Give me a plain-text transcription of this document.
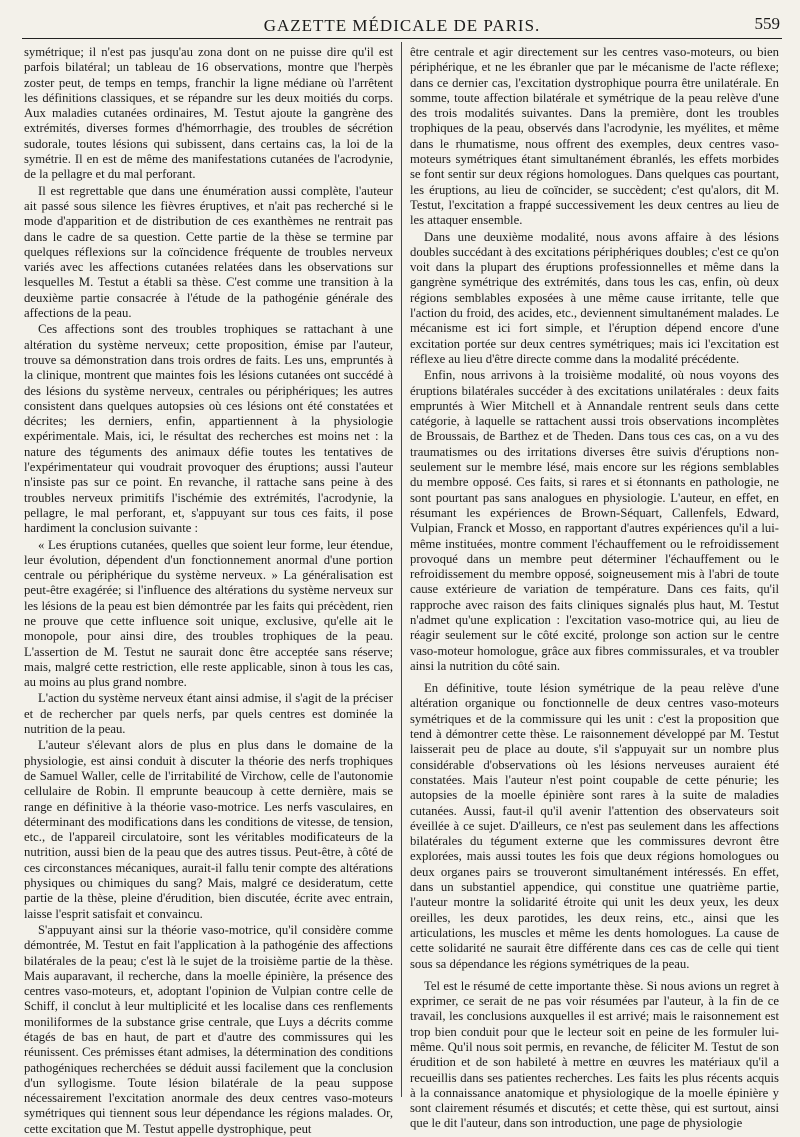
GAZETTE MÉDICALE DE PARIS.	559

symétrique; il n'est pas jusqu'au zona dont on ne puisse dire qu'il est parfois bilatéral; un tableau de 16 observations, montre que l'herpès zoster peut, de temps en temps, franchir la ligne médiane où l'arrêtent les définitions classiques, et se répandre sur les deux moitiés du corps. Aux maladies cutanées ordinaires, M. Testut ajoute la gangrène des extrémités, diverses formes d'hémorrhagie, des troubles de sécrétion sudorale, toutes lésions qui subissent, dans certains cas, la loi de la symétrie. Il en est de même des manifestations cutanées de l'acrodynie, de la pellagre et du mal perforant.

Il est regrettable que dans une énumération aussi complète, l'auteur ait passé sous silence les fièvres éruptives, et n'ait pas recherché si le mode d'apparition et de distribution de ces exanthèmes ne rentrait pas dans le cadre de sa question. Cette partie de la thèse se termine par quelques réflexions sur la coïncidence fréquente de troubles nerveux variés avec les affections cutanées relatées dans les observations sur lesquelles M. Testut a établi sa thèse. C'est comme une transition à la deuxième partie consacrée à l'étude de la pathogénie générale des affections de la peau.

Ces affections sont des troubles trophiques se rattachant à une altération du système nerveux; cette proposition, émise par l'auteur, trouve sa démonstration dans trois ordres de faits. Les uns, empruntés à la clinique, montrent que maintes fois les lésions cutanées ont succédé à des lésions du système nerveux, centrales ou périphériques; les autres consistent dans quelques autopsies où ces lésions ont été constatées et décrites; les derniers, enfin, appartiennent à la physiologie expérimentale. Mais, ici, le résultat des recherches est moins net : la nature des téguments des animaux défie toutes les tentatives de l'expérimentateur qui voudrait provoquer des éruptions; aussi l'auteur n'insiste pas sur ce point. En revanche, il rattache sans peine à des troubles nerveux primitifs l'ischémie des extrémités, l'acrodynie, la pellagre, le mal perforant, et, s'appuyant sur tous ces faits, il pose hardiment la conclusion suivante :

« Les éruptions cutanées, quelles que soient leur forme, leur étendue, leur évolution, dépendent d'un fonctionnement anormal d'une portion centrale ou périphérique du système nerveux. » La généralisation est peut-être exagérée; si l'influence des altérations du système nerveux sur les lésions de la peau est bien démontrée par les faits qui précèdent, rien ne prouve que cette influence soit unique, exclusive, qu'elle ait le monopole, pour ainsi dire, des troubles trophiques de la peau. L'assertion de M. Testut ne saurait donc être acceptée sans réserve; mais, malgré cette restriction, elle reste applicable, sinon à tous les cas, au moins au plus grand nombre.

L'action du système nerveux étant ainsi admise, il s'agit de la préciser et de rechercher par quels nerfs, par quels centres est dominée la nutrition de la peau.

L'auteur s'élevant alors de plus en plus dans le domaine de la physiologie, est ainsi conduit à discuter la théorie des nerfs trophiques de Samuel Waller, celle de l'irritabilité de Virchow, celle de l'autonomie cellulaire de Robin. Il emprunte beaucoup à cette dernière, mais se range en définitive à la théorie vaso-motrice. Les nerfs vasculaires, en déterminant des modifications dans les conditions de vitesse, de tension, etc., de l'appareil circulatoire, sont les véritables modificateurs de la nutrition, aussi bien de la peau que des autres tissus. Peut-être, à côté de ces circonstances mécaniques, aurait-il fallu tenir compte des altérations physiques ou chimiques du sang? Mais, malgré ce desideratum, cette partie de la thèse, pleine d'érudition, bien discutée, écrite avec entrain, laisse l'esprit satisfait et convaincu.

S'appuyant ainsi sur la théorie vaso-motrice, qu'il considère comme démontrée, M. Testut en fait l'application à la pathogénie des affections bilatérales de la peau; c'est là le sujet de la troisième partie de la thèse. Mais auparavant, il recherche, dans la moelle épinière, la présence des centres vaso-moteurs, et, adoptant l'opinion de Vulpian contre celle de Schiff, il conclut à leur multiplicité et les localise dans ces renflements moniliformes de la substance grise centrale, que Luys a décrits comme étagés de bas en haut, de part et d'autre des commissures qui les réunissent. Ces prémisses étant admises, la détermination des conditions pathogéniques recherchées se déduit aussi facilement que la conclusion d'un syllogisme. Toute lésion bilatérale de la peau suppose nécessairement l'excitation anormale des deux centres vaso-moteurs symétriques qui tiennent sous leur dépendance les régions malades. Or, cette excitation que M. Testut appelle dystrophique, peut

être centrale et agir directement sur les centres vaso-moteurs, ou bien périphérique, et ne les ébranler que par le mécanisme de l'acte réflexe; dans ce dernier cas, l'excitation dystrophique pourra être unilatérale. En somme, toute affection bilatérale et symétrique de la peau relève d'une des trois modalités suivantes. Dans la première, dont les troubles trophiques de la peau, observés dans l'acrodynie, les myélites, et même dans le rhumatisme, nous offrent des exemples, deux centres vaso-moteurs symétriques étant simultanément ébranlés, les effets morbides se font sentir sur deux régions homologues. Dans quelques cas pourtant, les éruptions, au lieu de coïncider, se succèdent; c'est qu'alors, dit M. Testut, l'excitation a frappé successivement les deux centres au lieu de les attaquer ensemble.

Dans une deuxième modalité, nous avons affaire à des lésions doubles succédant à des excitations périphériques doubles; c'est ce qu'on voit dans la plupart des éruptions professionnelles et même dans la gangrène symétrique des extrémités, dans tous les cas, enfin, où deux régions semblables exposées à une même cause irritante, telle que l'action du froid, des acides, etc., deviennent simultanément malades. Le mécanisme est ici fort simple, et l'éruption dépend encore d'une excitation portée sur deux centres symétriques; mais ici l'excitation est réflexe au lieu d'être directe comme dans la modalité précédente.

Enfin, nous arrivons à la troisième modalité, où nous voyons des éruptions bilatérales succéder à des excitations unilatérales : deux faits empruntés à Wier Mitchell et à Annandale rentrent seuls dans cette catégorie, à laquelle se rattachent aussi trois observations incomplètes de Broussais, de Barthez et de Theden. Dans tous ces cas, on a vu des traumatismes ou des irritations diverses être suivis d'éruptions non-seulement sur le membre lésé, mais encore sur les régions semblables du membre opposé. Ces faits, si rares et si étonnants en pathologie, ne sont pourtant pas sans analogues en physiologie. L'auteur, en effet, en résumant les expériences de Brown-Séquart, Callenfels, Edward, Vulpian, Franck et Mosso, en rapportant d'autres expériences qu'il a lui-même instituées, montre comment l'échauffement ou le refroidissement provoqué dans un membre peut déterminer l'échauffement ou le refroidissement du membre opposé, soigneusement mis à l'abri de toute cause extérieure de variation de température. Dans ces faits, qu'il rapproche avec raison des faits cliniques signalés plus haut, M. Testut n'admet qu'une explication : l'excitation vaso-motrice qui, au lieu de réagir seulement sur le côté excité, prolonge son action sur le centre vaso-moteur homologue, grâce aux fibres commissurales, et va troubler ainsi la nutrition du côté sain.

En définitive, toute lésion symétrique de la peau relève d'une altération organique ou fonctionnelle de deux centres vaso-moteurs symétriques et de la commissure qui les unit : c'est la proposition que tend à démontrer cette thèse. Le raisonnement développé par M. Testut laisserait peu de place au doute, s'il s'appuyait sur un nombre plus considérable d'observations où les lésions nerveuses auraient été constatées. Mais l'auteur n'est point coupable de cette pénurie; les autopsies de la moelle épinière sont rares à la suite de maladies cutanées. Aussi, faut-il qu'il avenir l'attention des observateurs soit éveillée à ce sujet. D'ailleurs, ce n'est pas seulement dans les affections bilatérales du tégument externe que les commissures devront être explorées, mais aussi toutes les fois que deux régions homologues ou deux organes pairs se trouveront simultanément intéressés. En effet, dans un substantiel appendice, qui constitue une quatrième partie, l'auteur montre la solidarité étroite qui unit les deux yeux, les deux oreilles, les deux parotides, les deux reins, etc., ainsi que les articulations, les muscles et même les dents homologues. La cause de cette solidarité ne saurait être différente dans ces cas de celle qui tient sous sa dépendance les régions symétriques de la peau.

Tel est le résumé de cette importante thèse. Si nous avions un regret à exprimer, ce serait de ne pas voir résumées par l'auteur, à la fin de ce travail, les conclusions auxquelles il est arrivé; mais le raisonnement est trop bien conduit pour que le lecteur soit en peine de les formuler lui-même. Qu'il nous soit permis, en revanche, de féliciter M. Testut de son érudition et de son habileté à mettre en œuvres les matériaux qu'il a recueillis dans ses patientes recherches. Les faits les plus récents acquis à la connaissance anatomique et physiologique de la moelle épinière y sont clairement résumés et discutés; et cette thèse, qui est surtout, ainsi que le dit l'auteur, dans son introduction, une page de physiologie
